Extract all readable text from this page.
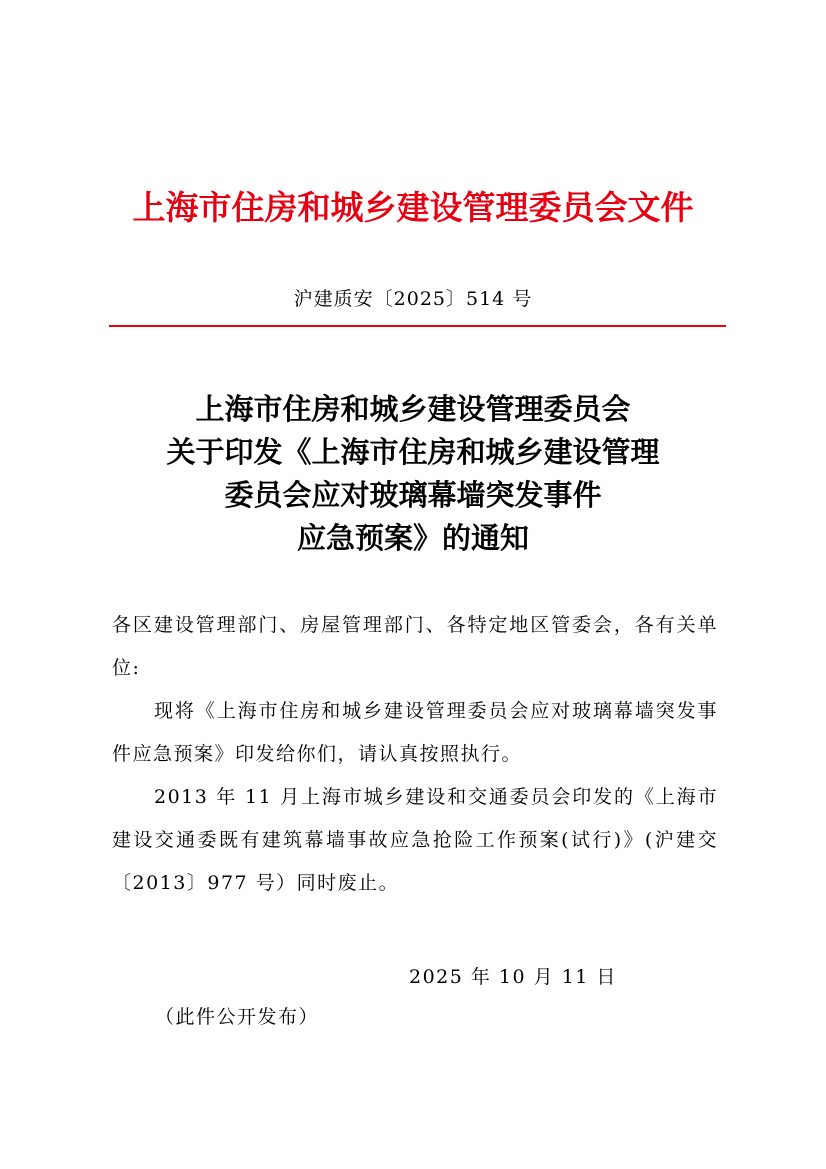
上海市住房和城乡建设管理委员会文件
沪建质安〔2025〕514 号
上海市住房和城乡建设管理委员会
关于印发《上海市住房和城乡建设管理
委员会应对玻璃幕墙突发事件
应急预案》的通知
各区建设管理部门、房屋管理部门、各特定地区管委会，各有关单位:
现将《上海市住房和城乡建设管理委员会应对玻璃幕墙突发事件应急预案》印发给你们，请认真按照执行。
2013 年 11 月上海市城乡建设和交通委员会印发的《上海市建设交通委既有建筑幕墙事故应急抢险工作预案(试行)》(沪建交〔2013〕977 号）同时废止。
2025 年 10 月 11 日
（此件公开发布）
